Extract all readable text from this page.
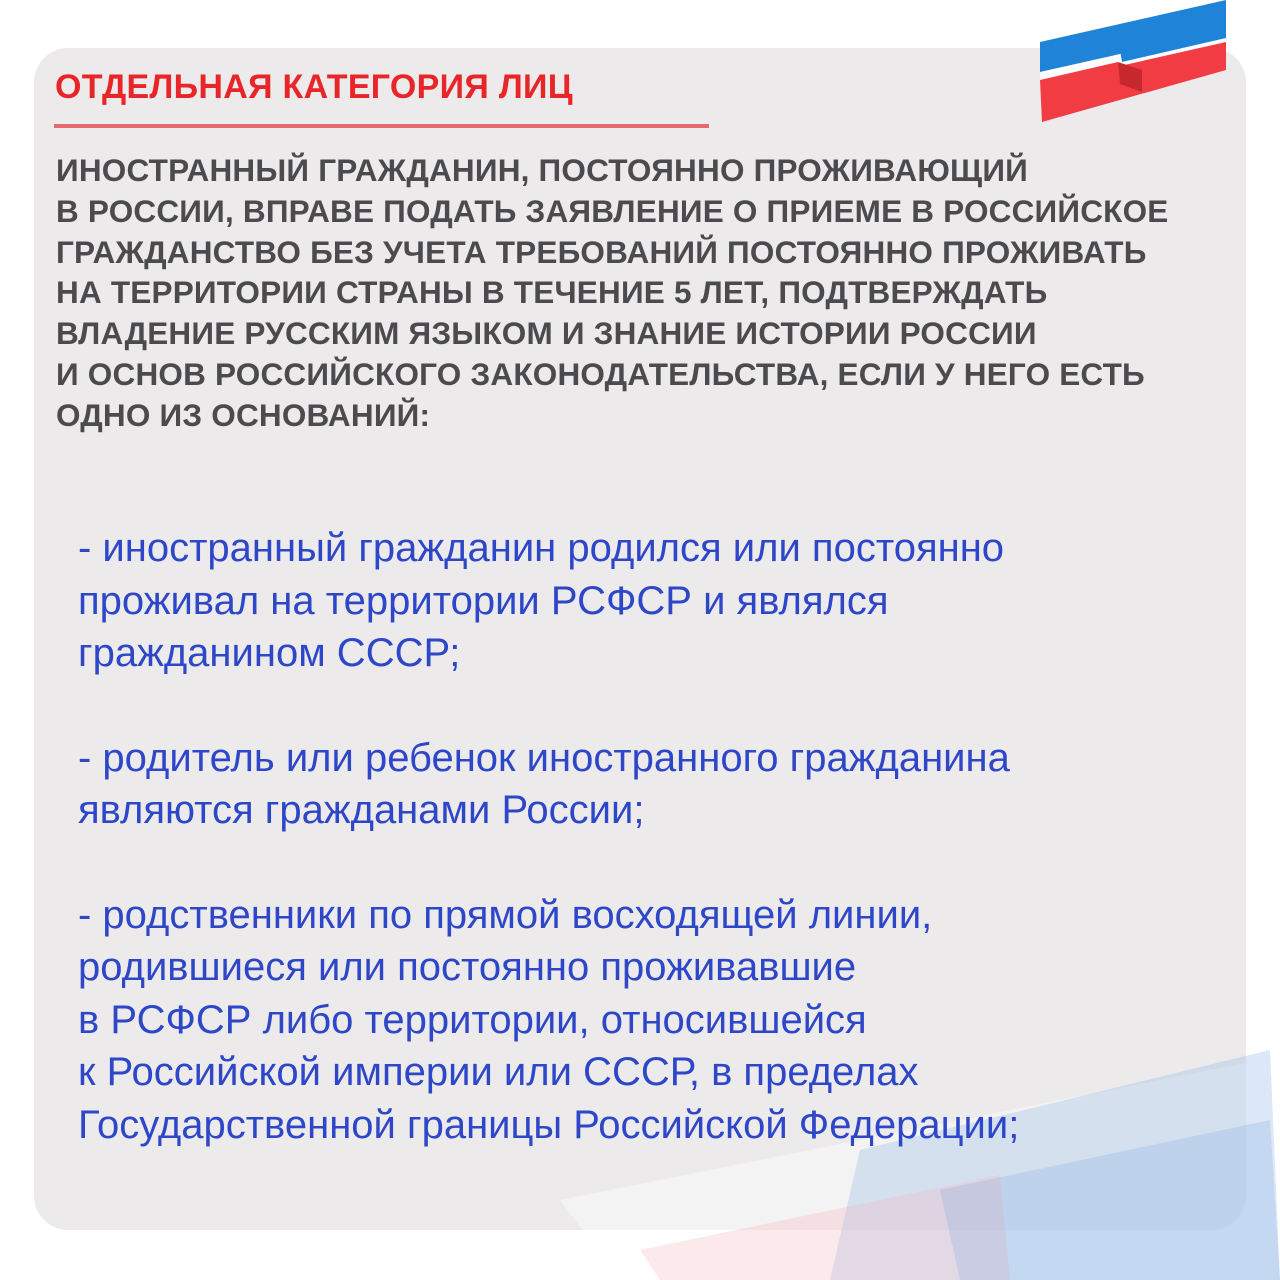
ОТДЕЛЬНАЯ КАТЕГОРИЯ ЛИЦ

ИНОСТРАННЫЙ ГРАЖДАНИН, ПОСТОЯННО ПРОЖИВАЮЩИЙ
В РОССИИ, ВПРАВЕ ПОДАТЬ ЗАЯВЛЕНИЕ О ПРИЕМЕ В РОССИЙСКОЕ
ГРАЖДАНСТВО БЕЗ УЧЕТА ТРЕБОВАНИЙ ПОСТОЯННО ПРОЖИВАТЬ
НА ТЕРРИТОРИИ СТРАНЫ В ТЕЧЕНИЕ 5 ЛЕТ, ПОДТВЕРЖДАТЬ
ВЛАДЕНИЕ РУССКИМ ЯЗЫКОМ И ЗНАНИЕ ИСТОРИИ РОССИИ
И ОСНОВ РОССИЙСКОГО ЗАКОНОДАТЕЛЬСТВА, ЕСЛИ У НЕГО ЕСТЬ
ОДНО ИЗ ОСНОВАНИЙ:

- иностранный гражданин родился или постоянно
проживал на территории РСФСР и являлся
гражданином СССР;

- родитель или ребенок иностранного гражданина
являются гражданами России;

- родственники по прямой восходящей линии,
родившиеся или постоянно проживавшие
в РСФСР либо территории, относившейся
к Российской империи или СССР, в пределах
Государственной границы Российской Федерации;
